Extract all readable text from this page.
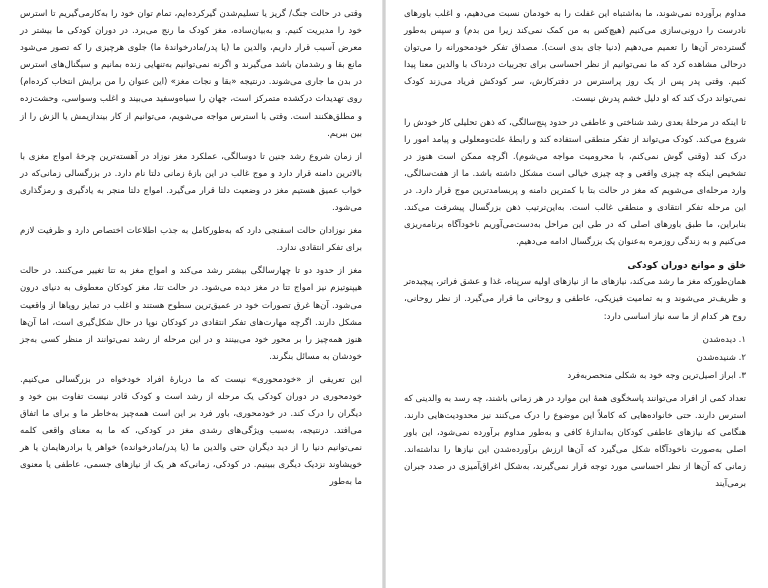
وقتی در حالت جنگ/ گریز یا تسلیم‌شدن گیرکرده‌ایم، تمام توان خود را به‌کارمی‌گیریم تا استرس خود را مدیریت کنیم. و به‌بیان‌ساده، مغز کودک ما رنج می‌برد. در دوران کودکی ما بیشتر در معرض آسیب قرار داریم، والدین ما (یا پدر/مادرخواندهٔ ما) جلوی هرچیزی را که تصور می‌شود مانع بقا و رشدمان باشد می‌گیرند و اگرنه نمی‌توانیم به‌تنهایی زنده بمانیم و سیگنال‌های استرس در بدن ما جاری می‌شوند. درنتیجه «بقا و نجات مغز» (این عنوان را من برایش انتخاب کرده‌ام) روی تهدیدات درکشده متمرکز است، جهان را سیاه‌وسفید می‌بیند و اغلب وسواسی، وحشت‌زده و مطلق‌هکنند است. وقتی با استرس مواجه می‌شویم، می‌توانیم از کار بیندازیمش یا الزش را از بین ببریم.

از زمان شروع رشد جنین تا دوسالگی، عملکرد مغز نوزاد در آهسته‌ترین چرخهٔ امواج مغزی با بالاترین دامنه قرار دارد و موج غالب در این بازهٔ زمانی دلتا نام دارد. در بزرگسالی زمانی‌که در خواب عمیق هستیم مغز در وضعیت دلتا قرار می‌گیرد. امواج دلتا منجر به یادگیری و رمزگذاری می‌شود.

مغز نوزادان حالت اسفنجی دارد که به‌طورکامل به جذب اطلاعات اختصاص دارد و ظرفیت لازم برای تفکر انتقادی ندارد.

مغز از حدود دو تا چهارسالگی بیشتر رشد می‌کند و امواج مغز به تتا تغییر می‌کنند. در حالت هیپنوتیزم نیز امواج تتا در مغز دیده می‌شود. در حالت تتا، مغز کودکان معطوف به دنیای درون می‌شود. آن‌ها غرق تصورات خود در عمیق‌ترین سطوح هستند و اغلب در تمایز رویاها از واقعیت مشکل دارند. اگرچه مهارت‌های تفکر انتقادی در کودکان نوپا در حال شکل‌گیری است، اما آن‌ها هنوز همه‌چیز را بر محور خود می‌بینند و در این مرحله از رشد نمی‌توانند از منظر کسی به‌جز خودشان به مسائل بنگرند.

این تعریفی از «خودمحوری» نیست که ما دربارهٔ افراد خودخواه در بزرگسالی می‌کنیم. خودمحوری در دوران کودکی یک مرحله از رشد است و کودک قادر نیست تفاوت بین خود و دیگران را درک کند. در خودمحوری، باور فرد بر این است همه‌چیز به‌خاطر ما و برای ما اتفاق می‌افتد. درنتیجه، به‌سبب ویژگی‌های رشدی مغز در کودکی، که ما به معنای واقعی کلمه نمی‌توانیم دنیا را از دید دیگران حتی والدین ما (یا پدر/مادرخوانده) خواهر یا برادرهایمان یا هر خویشاوند نزدیک دیگری ببینیم. در کودکی، زمانی‌که هر یک از نیازهای جسمی، عاطفی یا معنوی ما به‌طور

مداوم برآورده نمی‌شوند، ما به‌اشتباه این غفلت را به خودمان نسبت می‌دهیم، و اغلب باورهای نادرست را درونی‌سازی می‌کنیم (هیچ‌کس به من کمک نمی‌کند زیرا من بدم) و سپس به‌طور گسترده‌تر آن‌ها را تعمیم می‌دهیم (دنیا جای بدی است). مصداق تفکر خودمحورانه را می‌توان درحالی مشاهده کرد که ما نمی‌توانیم از نظر احساسی برای تجربیات دردناک با والدین معنا پیدا کنیم. وقتی پدر پس از یک روز پراسترس در دفترکارش، سر کودکش فریاد می‌زند کودک نمی‌تواند درک کند که او دلیل خشم پدرش نیست.

تا اینکه در مرحلهٔ بعدی رشد شناختی و عاطفی در حدود پنج‌سالگی، که ذهن تحلیلی کار خودش را شروع می‌کند. کودک می‌تواند از تفکر منطقی استفاده کند و رابطهٔ علت‌ومعلولی و پیامد امور را درک کند (وقتی گوش نمی‌کنم، با محرومیت مواجه می‌شوم). اگرچه ممکن است هنوز در تشخیص اینکه چه چیزی واقعی و چه چیزی خیالی است مشکل داشته باشد. ما از هفت‌سالگی، وارد مرحله‌ای می‌شویم که مغز در حالت بتا با کمترین دامنه و پربسامدترین موج قرار دارد. در این مرحله تفکر انتقادی و منطقی غالب است. به‌این‌ترتیب ذهن بزرگسال پیشرفت می‌کند. بنابراین، ما طبق باورهای اصلی که در طی این مراحل به‌دست‌می‌آوریم ناخودآگاه برنامه‌ریزی می‌کنیم و به زندگی روزمره به‌عنوان یک بزرگسال ادامه می‌دهیم.

خلق و موانع دوران کودکی

همان‌طورکه مغز ما رشد می‌کند، نیازهای ما از نیازهای اولیه سرپناه، غذا و عشق فراتر، پیچیده‌تر و ظریف‌تر می‌شوند و به تمامیت فیزیکی، عاطفی و روحانی ما قرار می‌گیرد. از نظر روحانی، روح هر کدام از ما سه نیاز اساسی دارد:

۱. دیده‌شدن

۲. شنیده‌شدن

۳. ابراز اصیل‌ترین وجه خود به شکلی منحصربه‌فرد

تعداد کمی از افراد می‌توانند پاسخگوی همهٔ این موارد در هر زمانی باشند، چه رسد به والدینی که استرس دارند. حتی خانواده‌هایی که کاملاً این موضوع را درک می‌کنند نیز محدودیت‌هایی دارند. هنگامی که نیازهای عاطفی کودکان به‌اندازهٔ کافی و به‌طور مداوم برآورده نمی‌شود، این باور اصلی به‌صورت ناخودآگاه شکل می‌گیرد که آن‌ها ارزش برآورده‌شدن این نیازها را نداشته‌اند. زمانی که آن‌ها از نظر احساسی مورد توجه قرار نمی‌گیرند، به‌شکل اغراق‌آمیزی در صدد جبران برمی‌آیند
